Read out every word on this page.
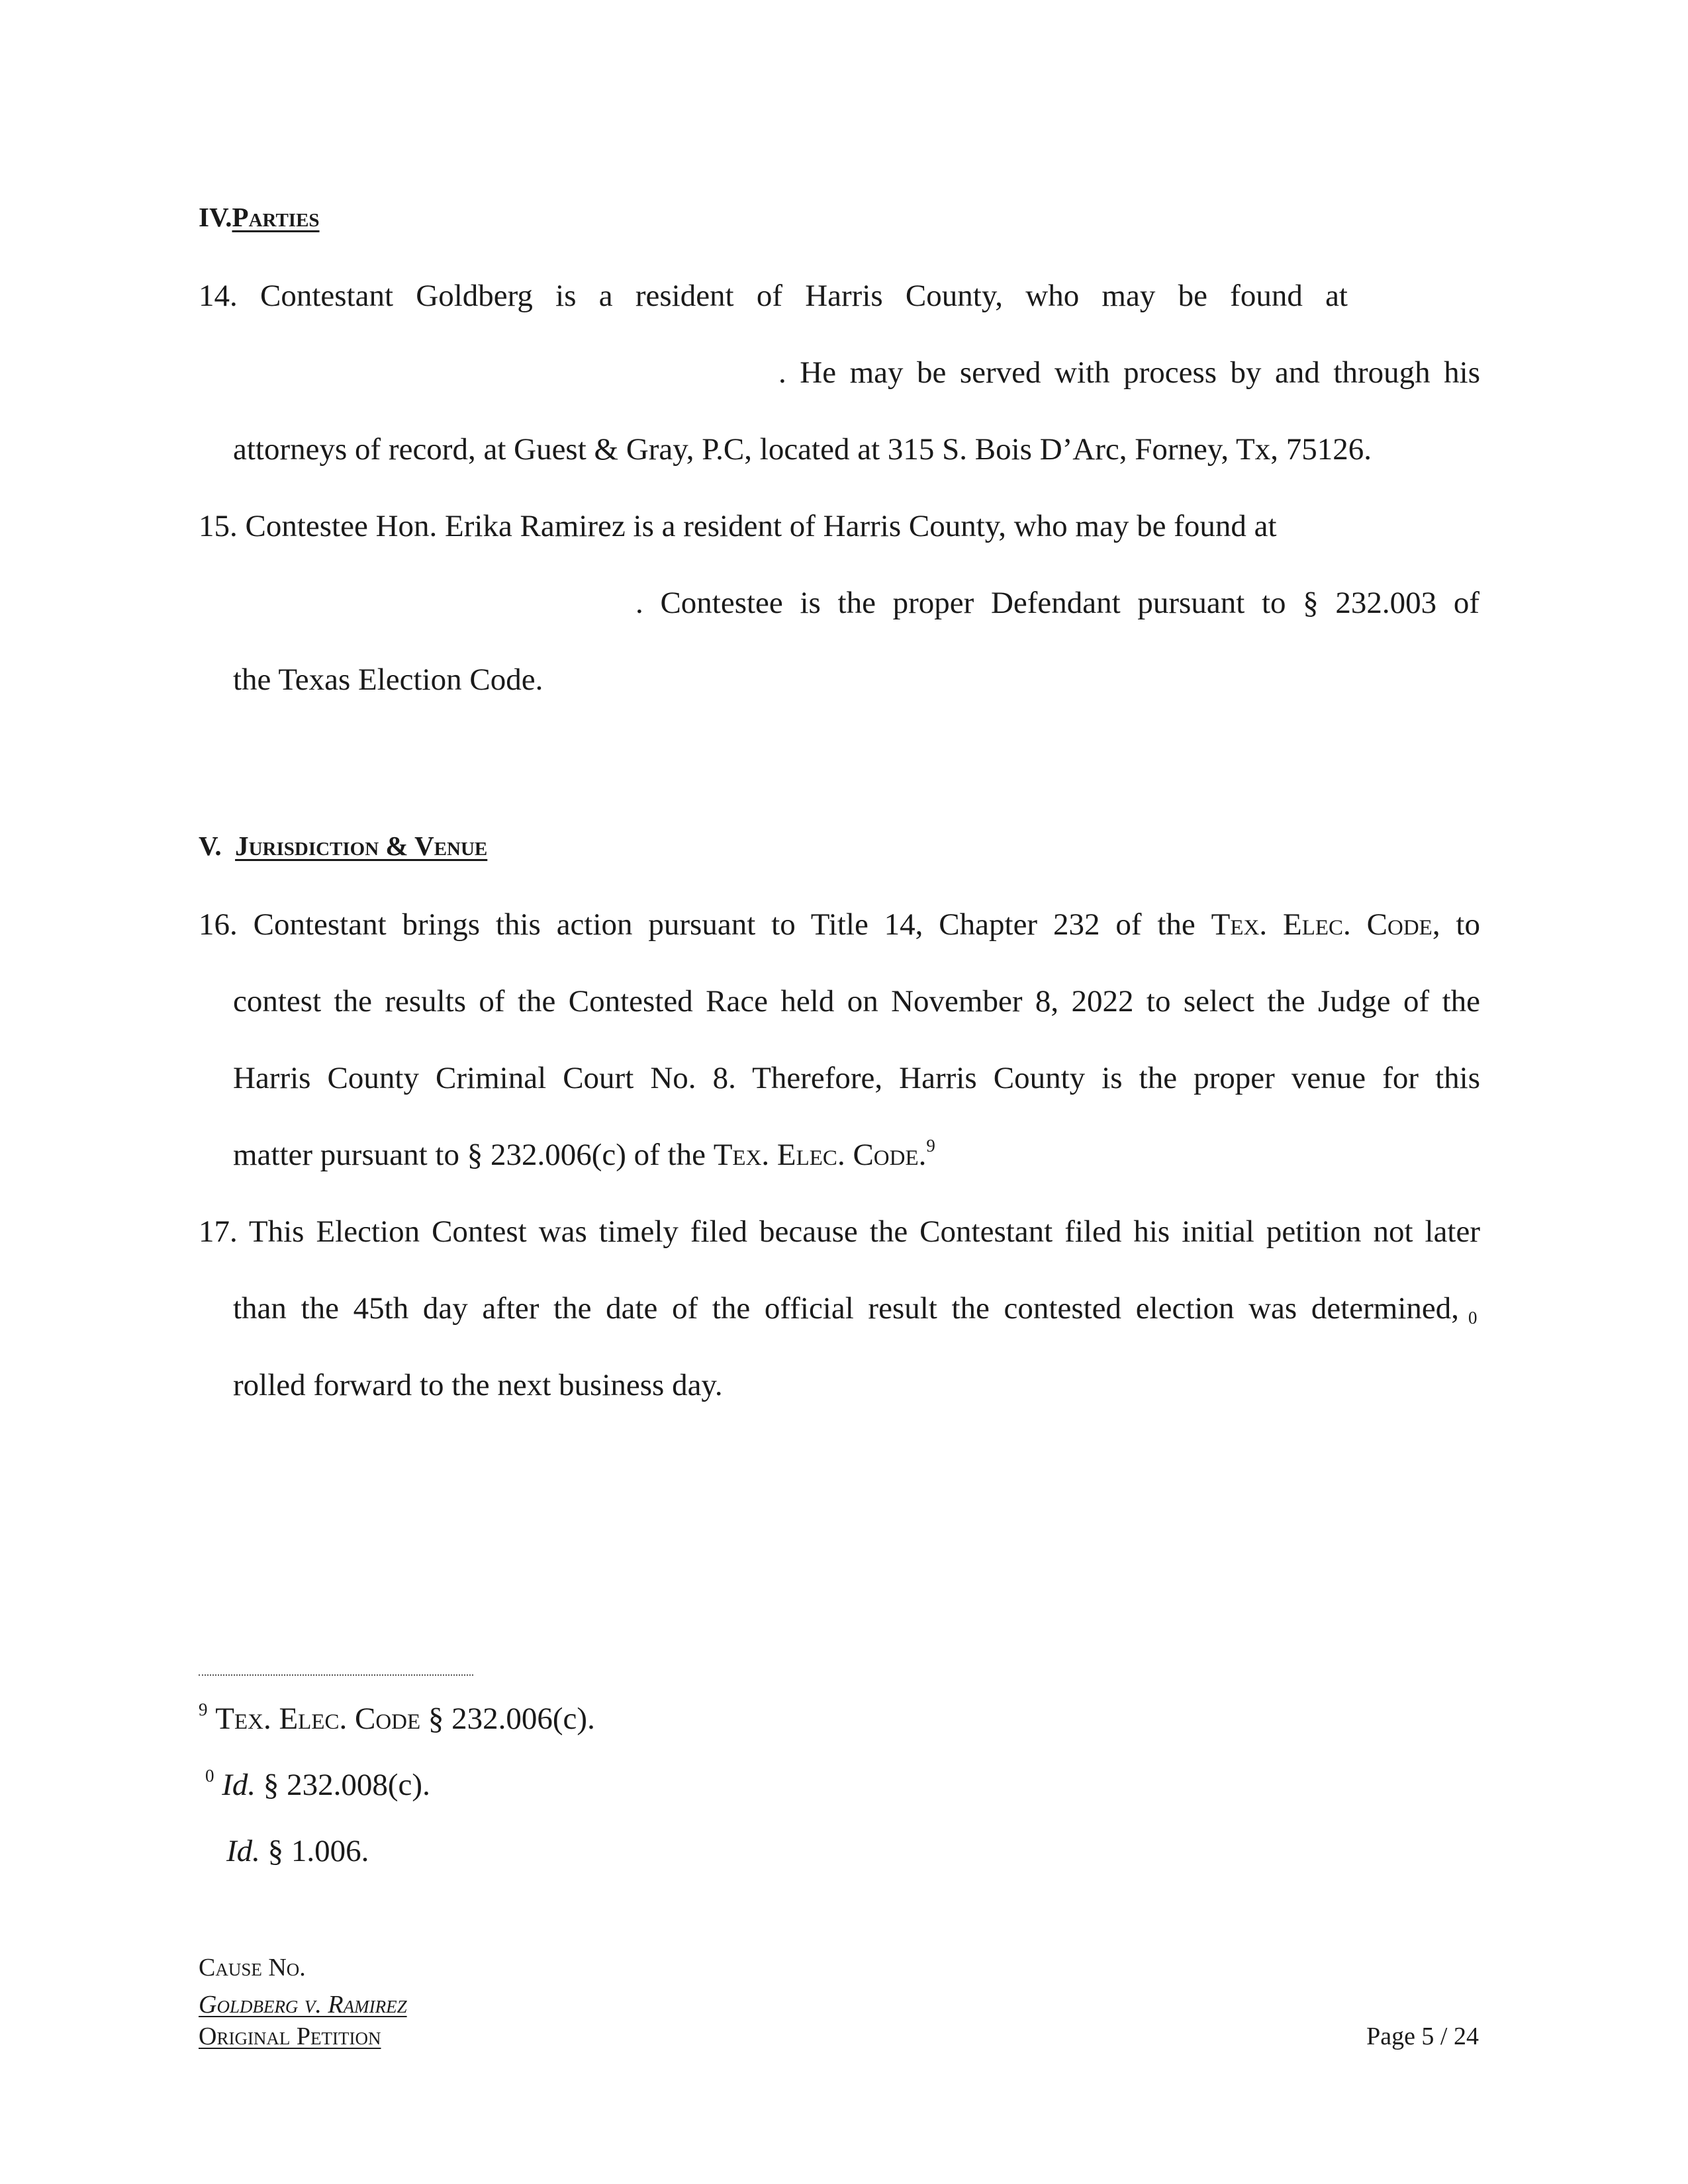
IV.Parties
14. Contestant Goldberg is a resident of Harris County, who may be found at
. He may be served with process by and through his
attorneys of record, at Guest & Gray, P.C, located at 315 S. Bois D’Arc, Forney, Tx, 75126.
15. Contestee Hon. Erika Ramirez is a resident of Harris County, who may be found at
. Contestee is the proper Defendant pursuant to § 232.003 of
the Texas Election Code.
V. Jurisdiction & Venue
16. Contestant brings this action pursuant to Title 14, Chapter 232 of the Tex. Elec. Code, to
contest the results of the Contested Race held on November 8, 2022 to select the Judge of the
Harris County Criminal Court No. 8. Therefore, Harris County is the proper venue for this
matter pursuant to § 232.006(c) of the Tex. Elec. Code.$^9$
17. This Election Contest was timely filed because the Contestant filed his initial petition not later
than the 45th day after the date of the official result the contested election was determined, 0
rolled forward to the next business day.
$^9$ Tex. Elec. Code § 232.006(c).
$^0$ Id. § 232.008(c).
Id. § 1.006.
Cause No.
Goldberg v. Ramirez
Original Petition	Page 5 / 24
